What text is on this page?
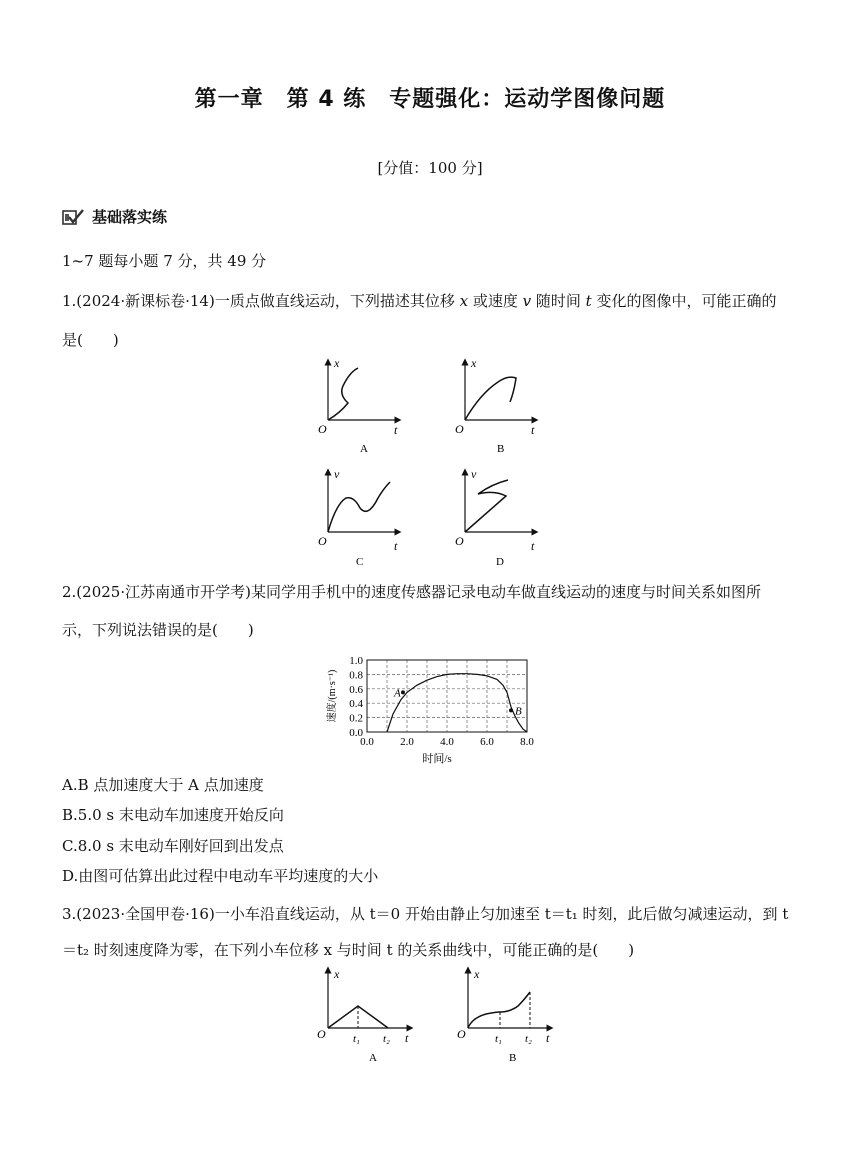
第一章　第 4 练　专题强化：运动学图像问题
[分值：100 分]
基础落实练
1~7 题每小题 7 分，共 49 分
1.(2024·新课标卷·14)一质点做直线运动，下列描述其位移 x 或速度 v 随时间 t 变化的图像中，可能正确的
是(　　)
O	t
x
A
O	t
x
B
O	t
v
C
O	t
v
D
2.(2025·江苏南通市开学考)某同学用手机中的速度传感器记录电动车做直线运动的速度与时间关系如图所
示，下列说法错误的是(　　)
0.0
0.2
0.4
0.6
0.8
1.0
0.0 2.0 4.0 6.0 8.0
时间/s
速度/(m·s⁻¹)	A
B
A.B 点加速度大于 A 点加速度
B.5.0 s 末电动车加速度开始反向
C.8.0 s 末电动车刚好回到出发点
D.由图可估算出此过程中电动车平均速度的大小
3.(2023·全国甲卷·16)一小车沿直线运动，从 t＝0 开始由静止匀加速至 t＝t₁ 时刻，此后做匀减速运动，到 t
＝t₂ 时刻速度降为零，在下列小车位移 x 与时间 t 的关系曲线中，可能正确的是(　　)
O	t
x
t₁ t₂
A
O	t
x
t₁ t₂
B
